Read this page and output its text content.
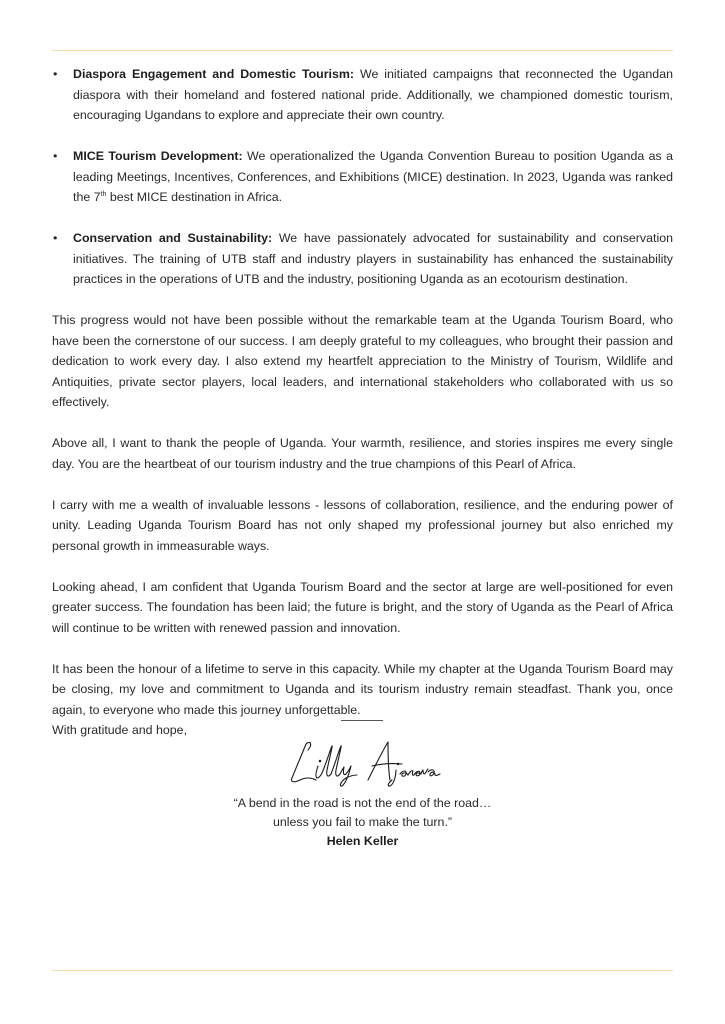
• Diaspora Engagement and Domestic Tourism: We initiated campaigns that reconnected the Ugandan diaspora with their homeland and fostered national pride. Additionally, we championed domestic tourism, encouraging Ugandans to explore and appreciate their own country.
• MICE Tourism Development: We operationalized the Uganda Convention Bureau to position Uganda as a leading Meetings, Incentives, Conferences, and Exhibitions (MICE) destination. In 2023, Uganda was ranked the 7th best MICE destination in Africa.
• Conservation and Sustainability: We have passionately advocated for sustainability and conservation initiatives. The training of UTB staff and industry players in sustainability has enhanced the sustainability practices in the operations of UTB and the industry, positioning Uganda as an ecotourism destination.

This progress would not have been possible without the remarkable team at the Uganda Tourism Board, who have been the cornerstone of our success. I am deeply grateful to my colleagues, who brought their passion and dedication to work every day. I also extend my heartfelt appreciation to the Ministry of Tourism, Wildlife and Antiquities, private sector players, local leaders, and international stakeholders who collaborated with us so effectively.

Above all, I want to thank the people of Uganda. Your warmth, resilience, and stories inspires me every single day. You are the heartbeat of our tourism industry and the true champions of this Pearl of Africa.

I carry with me a wealth of invaluable lessons - lessons of collaboration, resilience, and the enduring power of unity. Leading Uganda Tourism Board has not only shaped my professional journey but also enriched my personal growth in immeasurable ways.

Looking ahead, I am confident that Uganda Tourism Board and the sector at large are well-positioned for even greater success. The foundation has been laid; the future is bright, and the story of Uganda as the Pearl of Africa will continue to be written with renewed passion and innovation.

It has been the honour of a lifetime to serve in this capacity. While my chapter at the Uganda Tourism Board may be closing, my love and commitment to Uganda and its tourism industry remain steadfast. Thank you, once again, to everyone who made this journey unforgettable.

With gratitude and hope,

“A bend in the road is not the end of the road…
unless you fail to make the turn.”
Helen Keller
